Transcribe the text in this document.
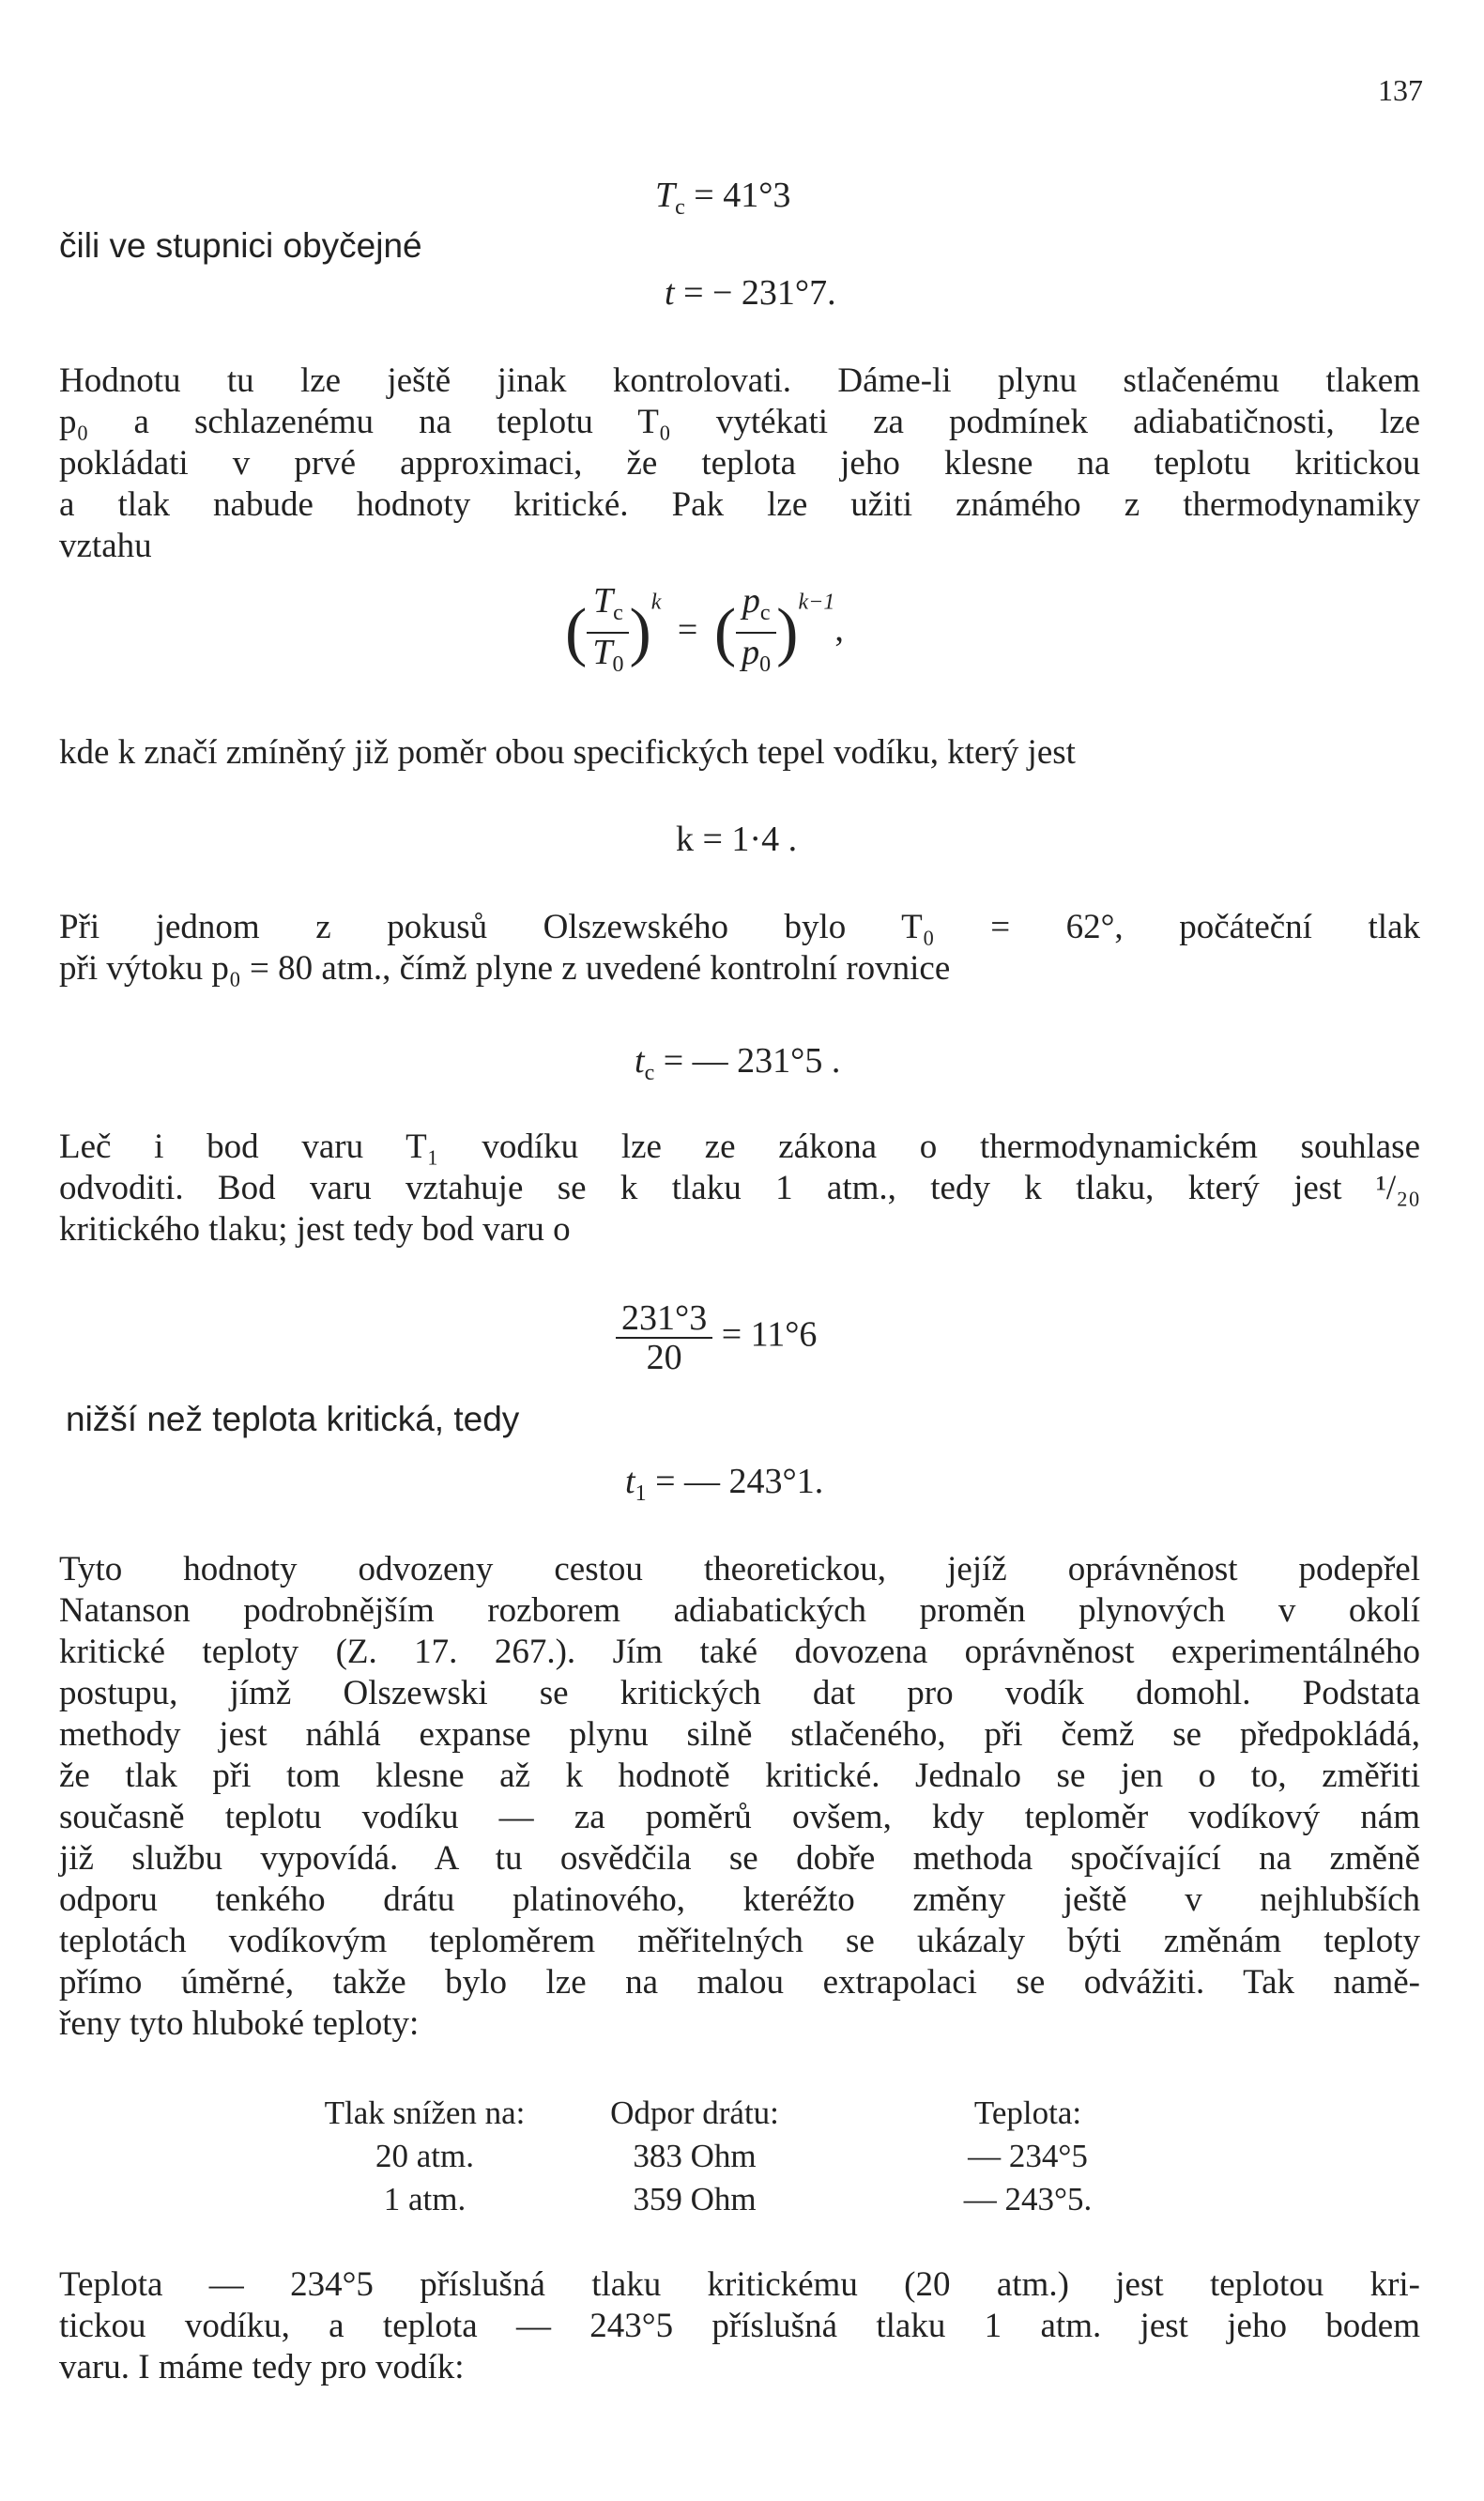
137
$T_c = 41^\circ 3$
čili ve stupnici obyčejné
t = − 231°7.
Hodnotu tu lze ještě jinak kontrolovati. Dáme-li plynu stlačenému tlakem
p₀ a schlazenému na teplotu T₀ vytékati za podmínek adiabatičnosti, lze
pokládati v prvé approximaci, že teplota jeho klesne na teplotu kritickou
a tlak nabude hodnoty kritické. Pak lze užiti známého z thermodynamiky
vztahu
( $\frac{T_c}{T_0} )^k$ = ( $\frac{p_c}{p_0} )^{k-1}$,
kde k značí zmíněný již poměr obou specifických tepel vodíku, který jest
k = 1·4 .
Při jednom z pokusů Olszewského bylo T₀ = 62°, počáteční tlak
při výtoku p₀ = 80 atm., čímž plyne z uvedené kontrolní rovnice
$t_c$ = — 231°5 .
Leč i bod varu T₁ vodíku lze ze zákona o thermodynamickém souhlase
odvoditi. Bod varu vztahuje se k tlaku 1 atm., tedy k tlaku, který jest ¹/₂₀
kritického tlaku; jest tedy bod varu o
$\frac{231^\circ 3}{20} = 11^\circ 6$
nižší než teplota kritická, tedy
$t_1$ = — 243°1.
Tyto hodnoty odvozeny cestou theoretickou, jejíž oprávněnost podepřel
Natanson podrobnějším rozborem adiabatických proměn plynových v okolí
kritické teploty (Z. 17. 267.). Jím také dovozena oprávněnost experimentálného
postupu, jímž Olszewski se kritických dat pro vodík domohl. Podstata
methody jest náhlá expanse plynu silně stlačeného, při čemž se předpokládá,
že tlak při tom klesne až k hodnotě kritické. Jednalo se jen o to, změřiti
současně teplotu vodíku — za poměrů ovšem, kdy teploměr vodíkový nám
již službu vypovídá. A tu osvědčila se dobře methoda spočívající na změně
odporu tenkého drátu platinového, kteréžto změny ještě v nejhlubších
teplotách vodíkovým teploměrem měřitelných se ukázaly býti změnám teploty
přímo úměrné, takže bylo lze na malou extrapolaci se odvážiti. Tak namě-
řeny tyto hluboké teploty:
Tlak snížen na:	Odpor drátu:	Teplota:
20 atm.	383 Ohm	— 234°5
1 atm.	359 Ohm	— 243°5.
Teplota — 234°5 příslušná tlaku kritickému (20 atm.) jest teplotou kri-
tickou vodíku, a teplota — 243°5 příslušná tlaku 1 atm. jest jeho bodem
varu. I máme tedy pro vodík:
